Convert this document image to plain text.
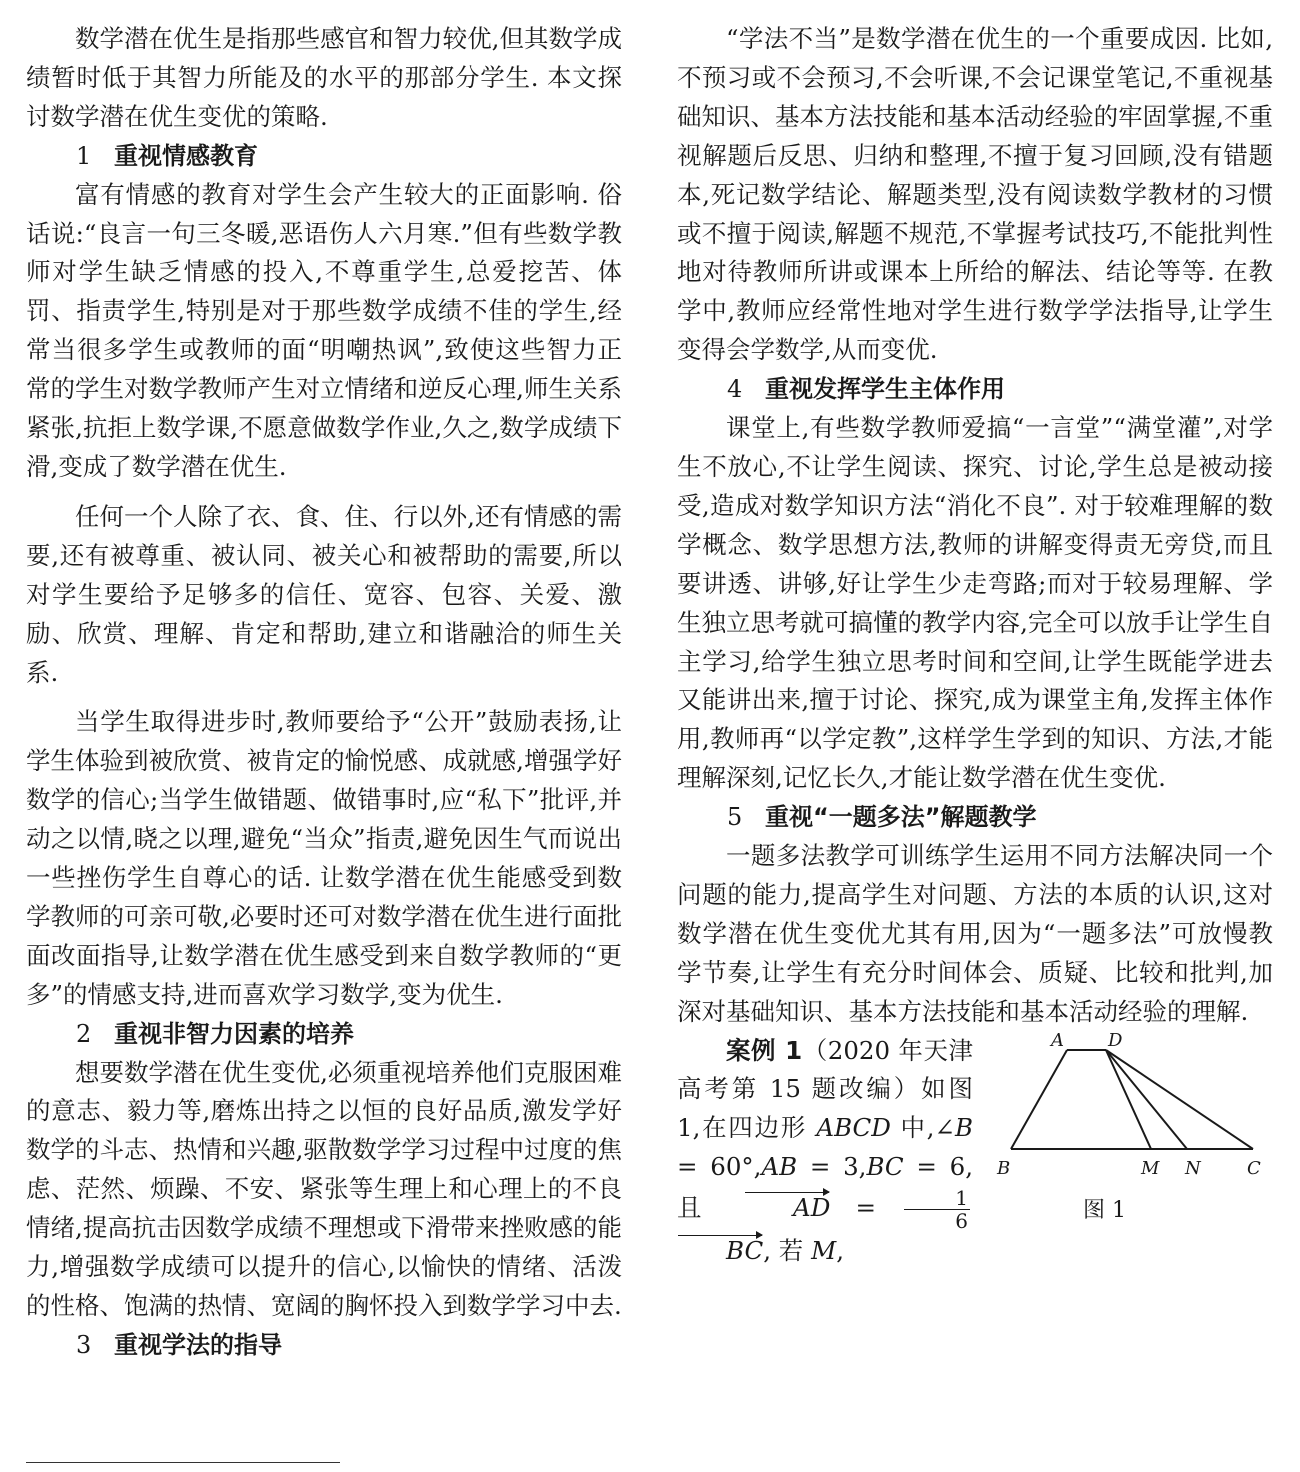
数学潜在优生是指那些感官和智力较优,但其数学成绩暂时低于其智力所能及的水平的那部分学生. 本文探讨数学潜在优生变优的策略.

1 重视情感教育

富有情感的教育对学生会产生较大的正面影响. 俗话说:“良言一句三冬暖,恶语伤人六月寒.”但有些数学教师对学生缺乏情感的投入,不尊重学生,总爱挖苦、体罚、指责学生,特别是对于那些数学成绩不佳的学生,经常当很多学生或教师的面“明嘲热讽”,致使这些智力正常的学生对数学教师产生对立情绪和逆反心理,师生关系紧张,抗拒上数学课,不愿意做数学作业,久之,数学成绩下滑,变成了数学潜在优生.

任何一个人除了衣、食、住、行以外,还有情感的需要,还有被尊重、被认同、被关心和被帮助的需要,所以对学生要给予足够多的信任、宽容、包容、关爱、激励、欣赏、理解、肯定和帮助,建立和谐融洽的师生关系.

当学生取得进步时,教师要给予“公开”鼓励表扬,让学生体验到被欣赏、被肯定的愉悦感、成就感,增强学好数学的信心;当学生做错题、做错事时,应“私下”批评,并动之以情,晓之以理,避免“当众”指责,避免因生气而说出一些挫伤学生自尊心的话. 让数学潜在优生能感受到数学教师的可亲可敬,必要时还可对数学潜在优生进行面批面改面指导,让数学潜在优生感受到来自数学教师的“更多”的情感支持,进而喜欢学习数学,变为优生.

2 重视非智力因素的培养

想要数学潜在优生变优,必须重视培养他们克服困难的意志、毅力等,磨炼出持之以恒的良好品质,激发学好数学的斗志、热情和兴趣,驱散数学学习过程中过度的焦虑、茫然、烦躁、不安、紧张等生理上和心理上的不良情绪,提高抗击因数学成绩不理想或下滑带来挫败感的能力,增强数学成绩可以提升的信心,以愉快的情绪、活泼的性格、饱满的热情、宽阔的胸怀投入到数学学习中去.

3 重视学法的指导

“学法不当”是数学潜在优生的一个重要成因. 比如,不预习或不会预习,不会听课,不会记课堂笔记,不重视基础知识、基本方法技能和基本活动经验的牢固掌握,不重视解题后反思、归纳和整理,不擅于复习回顾,没有错题本,死记数学结论、解题类型,没有阅读数学教材的习惯或不擅于阅读,解题不规范,不掌握考试技巧,不能批判性地对待教师所讲或课本上所给的解法、结论等等. 在教学中,教师应经常性地对学生进行数学学法指导,让学生变得会学数学,从而变优.

4 重视发挥学生主体作用

课堂上,有些数学教师爱搞“一言堂”“满堂灌”,对学生不放心,不让学生阅读、探究、讨论,学生总是被动接受,造成对数学知识方法“消化不良”. 对于较难理解的数学概念、数学思想方法,教师的讲解变得责无旁贷,而且要讲透、讲够,好让学生少走弯路;而对于较易理解、学生独立思考就可搞懂的教学内容,完全可以放手让学生自主学习,给学生独立思考时间和空间,让学生既能学进去又能讲出来,擅于讨论、探究,成为课堂主角,发挥主体作用,教师再“以学定教”,这样学生学到的知识、方法,才能理解深刻,记忆长久,才能让数学潜在优生变优.

5 重视“一题多法”解题教学

一题多法教学可训练学生运用不同方法解决同一个问题的能力,提高学生对问题、方法的本质的认识,这对数学潜在优生变优尤其有用,因为“一题多法”可放慢教学节奏,让学生有充分时间体会、质疑、比较和批判,加深对基础知识、基本方法技能和基本活动经验的理解.

案例 1（2020 年天津高考第 15 题改编）如图 1,在四边形 ABCD 中,∠B = 60°,AB = 3,BC = 6, 且 AD = $\frac{1}{6}$
BC, 若 M,

A D
B	M N	C
图 1
